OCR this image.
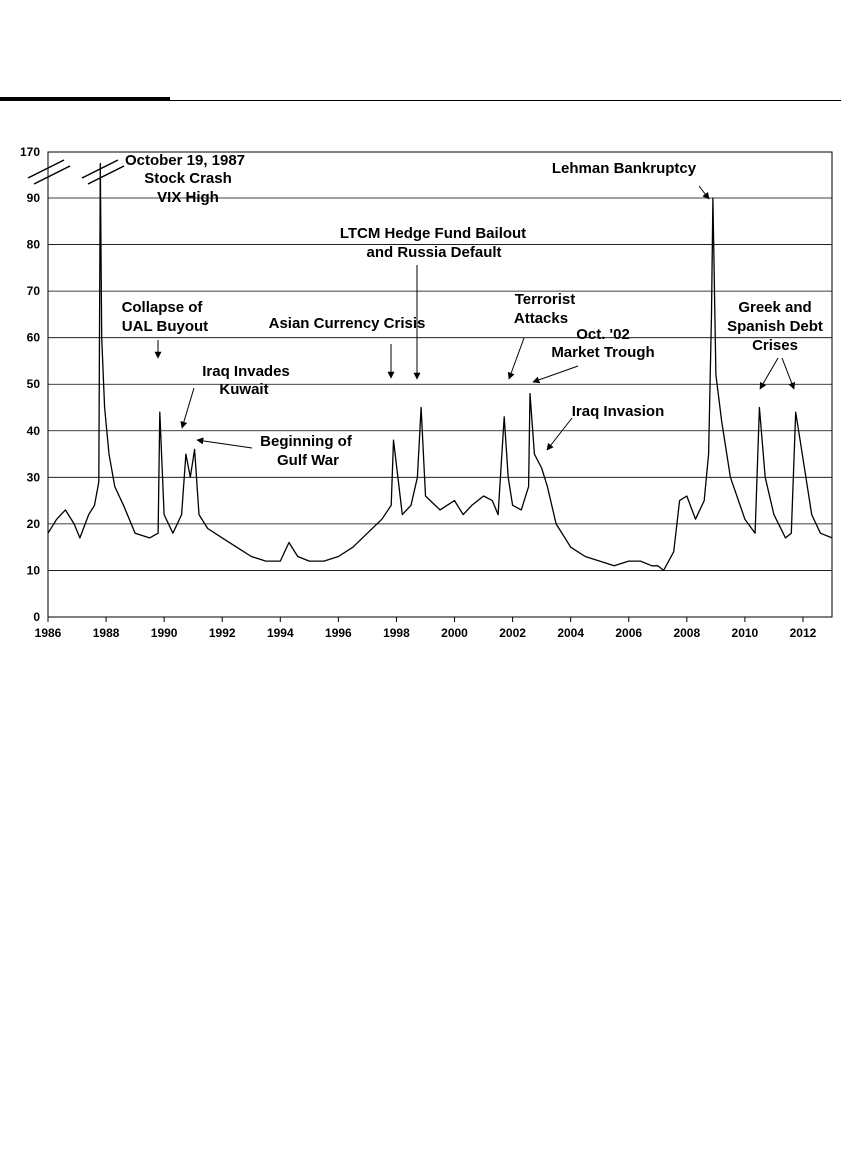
1986	1988	1990	1992	1994	1996	1998	2000	2002	2004	2006	2008	2010	2012
0
10
20
30
40
50
60
70
80
90
170	October 19, 1987
Stock Crash
VIX High
Collapse of
UAL Buyout
Iraq Invades
Kuwait
Beginning of
Gulf War
Asian Currency Crisis
LTCM Hedge Fund Bailout
and Russia Default
Terrorist
Attacks
Oct. '02
Market Trough
Iraq Invasion
Lehman Bankruptcy
Greek and
Spanish Debt
Crises
